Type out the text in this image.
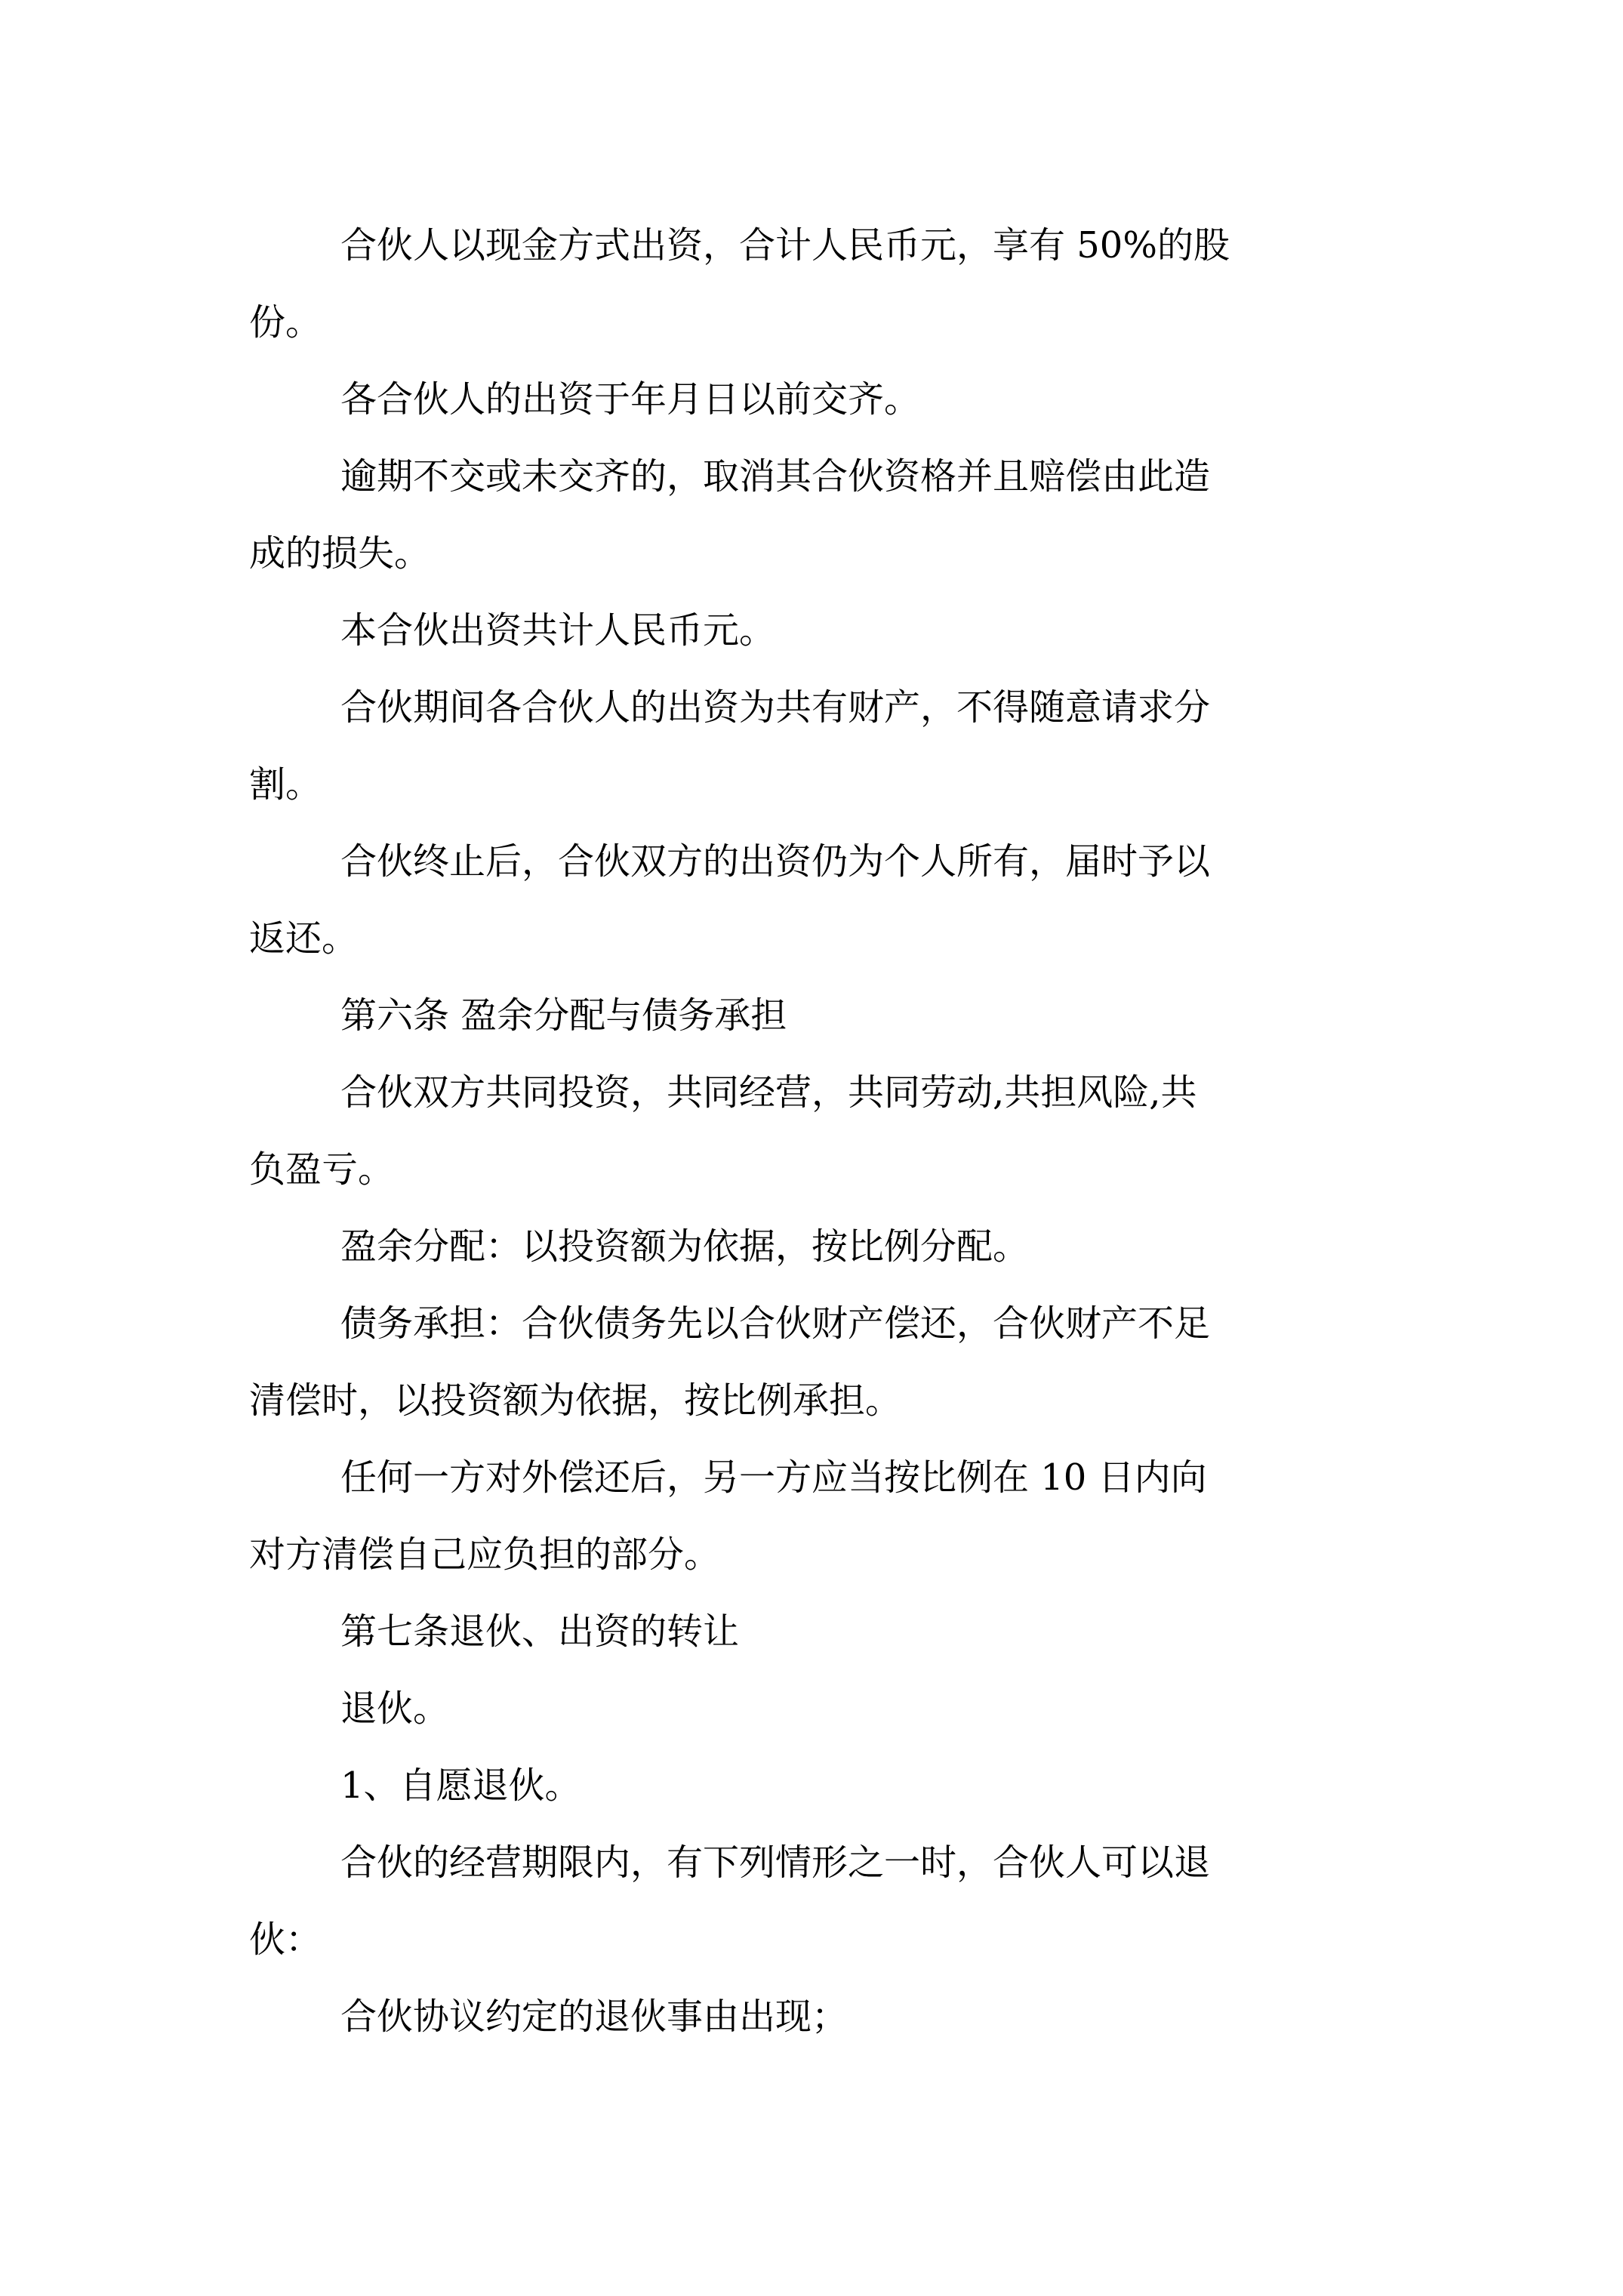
合伙人以现金方式出资，合计人民币元，享有 50%的股
份。
各合伙人的出资于年月日以前交齐。
逾期不交或未交齐的，取消其合伙资格并且赔偿由此造
成的损失。
本合伙出资共计人民币元。
合伙期间各合伙人的出资为共有财产，不得随意请求分
割。
合伙终止后，合伙双方的出资仍为个人所有，届时予以
返还。
第六条 盈余分配与债务承担
合伙双方共同投资，共同经营，共同劳动,共担风险,共
负盈亏。
盈余分配：以投资额为依据，按比例分配。
债务承担：合伙债务先以合伙财产偿还，合伙财产不足
清偿时，以投资额为依据，按比例承担。
任何一方对外偿还后，另一方应当按比例在 10 日内向
对方清偿自己应负担的部分。
第七条退伙、出资的转让
退伙。
1、自愿退伙。
合伙的经营期限内，有下列情形之一时，合伙人可以退
伙：
合伙协议约定的退伙事由出现；
